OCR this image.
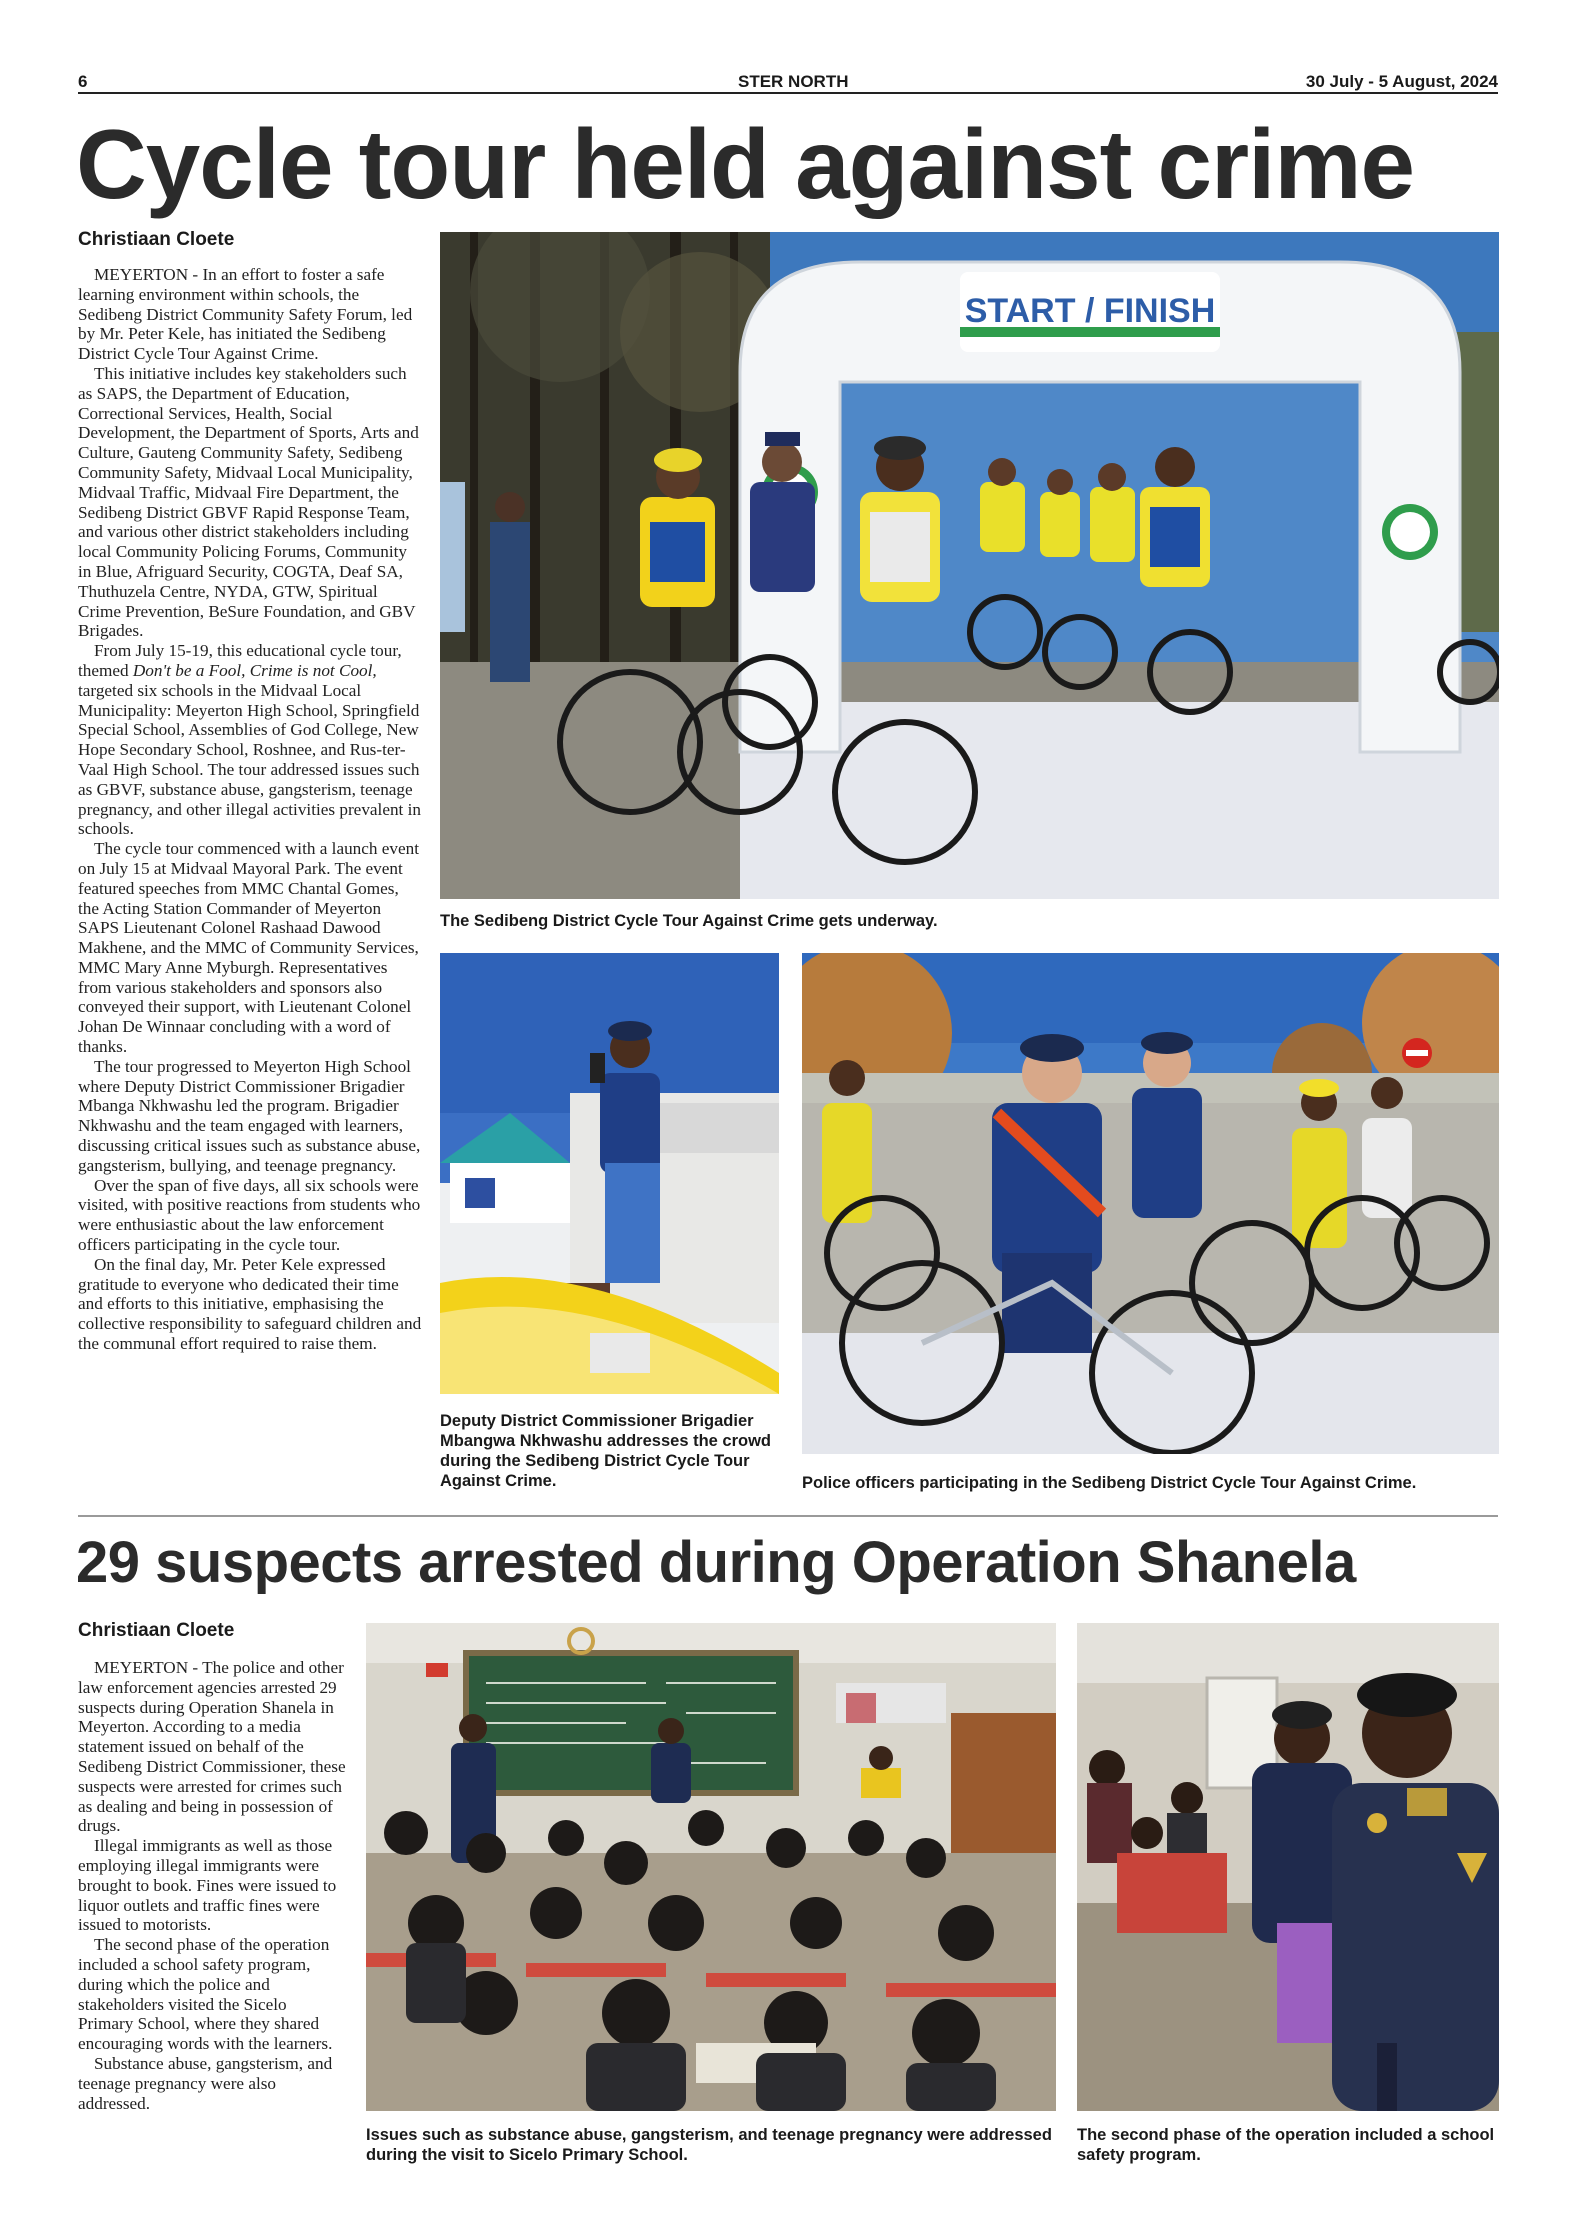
6	STER NORTH	30 July - 5 August, 2024
Cycle tour held against crime
Christiaan Cloete

MEYERTON - In an effort to foster a safe learning environment within schools, the Sedibeng District Community Safety Forum, led by Mr. Peter Kele, has initiated the Sedibeng District Cycle Tour Against Crime.

This initiative includes key stakeholders such as SAPS, the Department of Education, Correctional Services, Health, Social Development, the Department of Sports, Arts and Culture, Gauteng Community Safety, Sedibeng Community Safety, Midvaal Local Municipality, Midvaal Traffic, Midvaal Fire Department, the Sedibeng District GBVF Rapid Response Team, and various other district stakeholders including local Community Policing Forums, Community in Blue, Afriguard Security, COGTA, Deaf SA, Thuthuzela Centre, NYDA, GTW, Spiritual Crime Prevention, BeSure Foundation, and GBV Brigades.

From July 15-19, this educational cycle tour, themed Don't be a Fool, Crime is not Cool, targeted six schools in the Midvaal Local Municipality: Meyerton High School, Springfield Special School, Assemblies of God College, New Hope Secondary School, Roshnee, and Rus-ter-Vaal High School. The tour addressed issues such as GBVF, substance abuse, gangsterism, teenage pregnancy, and other illegal activities prevalent in schools.

The cycle tour commenced with a launch event on July 15 at Midvaal Mayoral Park. The event featured speeches from MMC Chantal Gomes, the Acting Station Commander of Meyerton SAPS Lieutenant Colonel Rashaad Dawood Makhene, and the MMC of Community Services, MMC Mary Anne Myburgh. Representatives from various stakeholders and sponsors also conveyed their support, with Lieutenant Colonel Johan De Winnaar concluding with a word of thanks.

The tour progressed to Meyerton High School where Deputy District Commissioner Brigadier Mbanga Nkhwashu led the program. Brigadier Nkhwashu and the team engaged with learners, discussing critical issues such as substance abuse, gangsterism, bullying, and teenage pregnancy.

Over the span of five days, all six schools were visited, with positive reactions from students who were enthusiastic about the law enforcement officers participating in the cycle tour.

On the final day, Mr. Peter Kele expressed gratitude to everyone who dedicated their time and efforts to this initiative, emphasising the collective responsibility to safeguard children and the communal effort required to raise them.

START / FINISH
The Sedibeng District Cycle Tour Against Crime gets underway.
Deputy District Commissioner Brigadier Mbangwa Nkhwashu addresses the crowd during the Sedibeng District Cycle Tour Against Crime.	Police officers participating in the Sedibeng District Cycle Tour Against Crime.
29 suspects arrested during Operation Shanela
Christiaan Cloete

MEYERTON - The police and other law enforcement agencies arrested 29 suspects during Operation Shanela in Meyerton. According to a media statement issued on behalf of the Sedibeng District Commissioner, these suspects were arrested for crimes such as dealing and being in possession of drugs.

Illegal immigrants as well as those employing illegal immigrants were brought to book. Fines were issued to liquor outlets and traffic fines were issued to motorists.

The second phase of the operation included a school safety program, during which the police and stakeholders visited the Sicelo Primary School, where they shared encouraging words with the learners.

Substance abuse, gangsterism, and teenage pregnancy were also addressed.

Issues such as substance abuse, gangsterism, and teenage pregnancy were addressed during the visit to Sicelo Primary School.
The second phase of the operation included a school safety program.
